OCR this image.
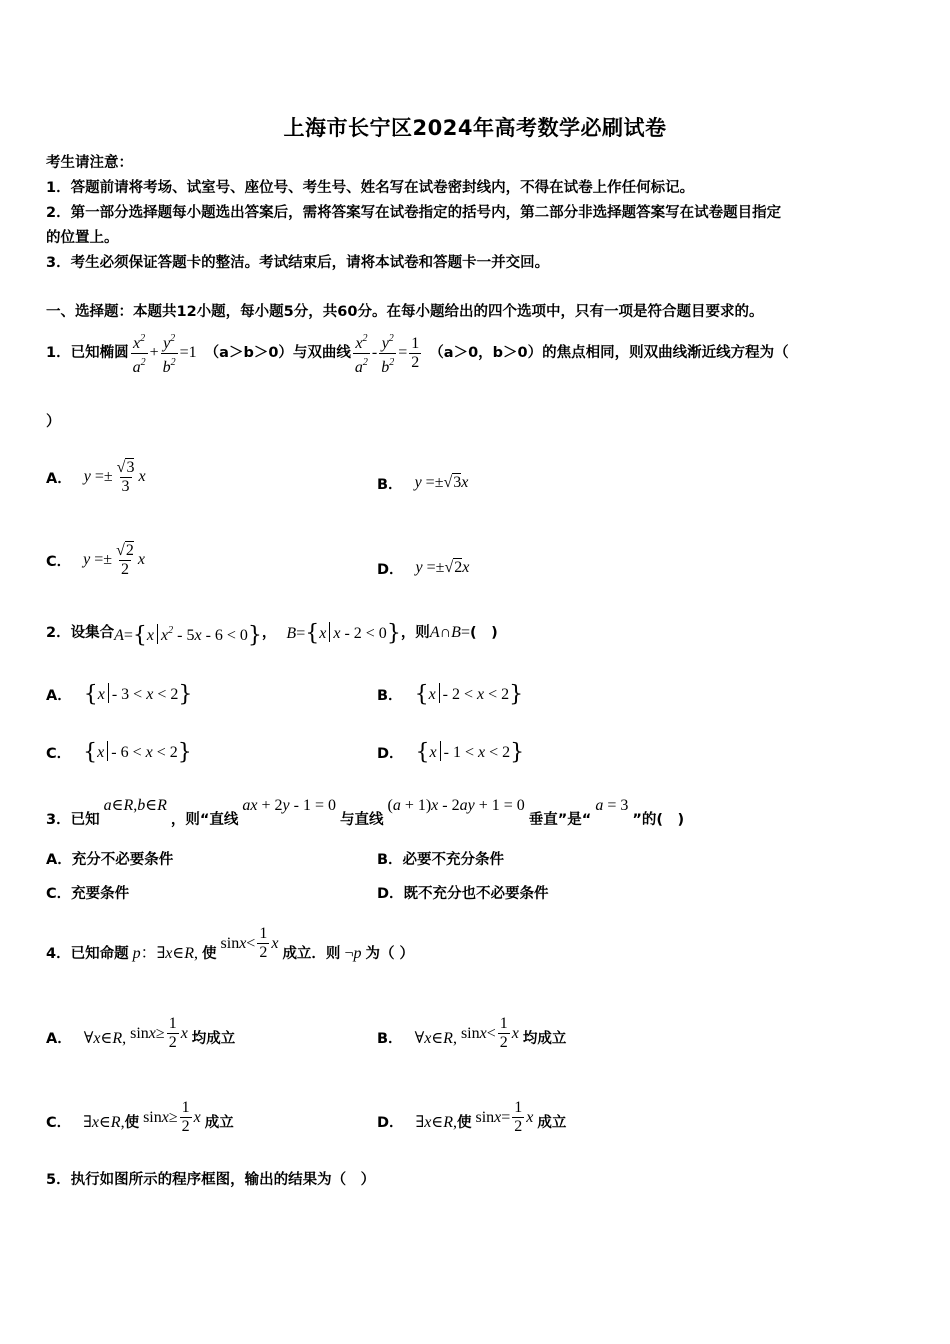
上海市长宁区2024年高考数学必刷试卷
考生请注意：
1．答题前请将考场、试室号、座位号、考生号、姓名写在试卷密封线内，不得在试卷上作任何标记。
2．第一部分选择题每小题选出答案后，需将答案写在试卷指定的括号内，第二部分非选择题答案写在试卷题目指定
的位置上。
3．考生必须保证答题卡的整洁。考试结束后，请将本试卷和答题卡一并交回。
一、选择题：本题共12小题，每小题5分，共60分。在每小题给出的四个选项中，只有一项是符合题目要求的。
1．已知椭圆 $\frac{x^2}{a^2} + \frac{y^2}{b^2} =1$ （a＞b＞0）与双曲线 $\frac{x^2}{a^2} - \frac{y^2}{b^2} = \frac{1}{2} (a>0$，b＞0）的焦点相同，则双曲线渐近线方程为（
）
A． $y =\pm \frac{√3}{3}$ x	B． y =±√3x
C． $y =\pm \frac{√2}{2}$ x
D． y =±√2x
2．设集合 A={x $x^2 - 5x - 6 < 0$} ， B={x x - 2 < 0} ，则 A∩B= (　)
A． {x - 3 < x < 2}	B． {x - 2 < x < 2}
C． {x - 6 < x < 2}	D． {x - 1 < x < 2}
3．已知
a∈R,b∈R
，则“直线
ax + 2y - 1 = 0
与直线
(a + 1)x - 2ay + 1 = 0
垂直”是“
a = 3
”的(　)
A．充分不必要条件	B．必要不充分条件
C．充要条件	D．既不充分也不必要条件
4．已知命题 p：∃x∈R, 使
$\sin x < \frac{1}{2}$ x
成立．则 ¬p 为（ ）
A． ∀x∈R, $\sin x \ge \frac{1}{2}$ x 均成立	B． ∀x∈R, $\sin x < \frac{1}{2}$ x 均成立
C． ∃x∈R, 使 $\sin x \ge \frac{1}{2}$ x 成立	D． ∃x∈R, 使 $\sin x = \frac{1}{2}$ x 成立
5．执行如图所示的程序框图，输出的结果为（　）
